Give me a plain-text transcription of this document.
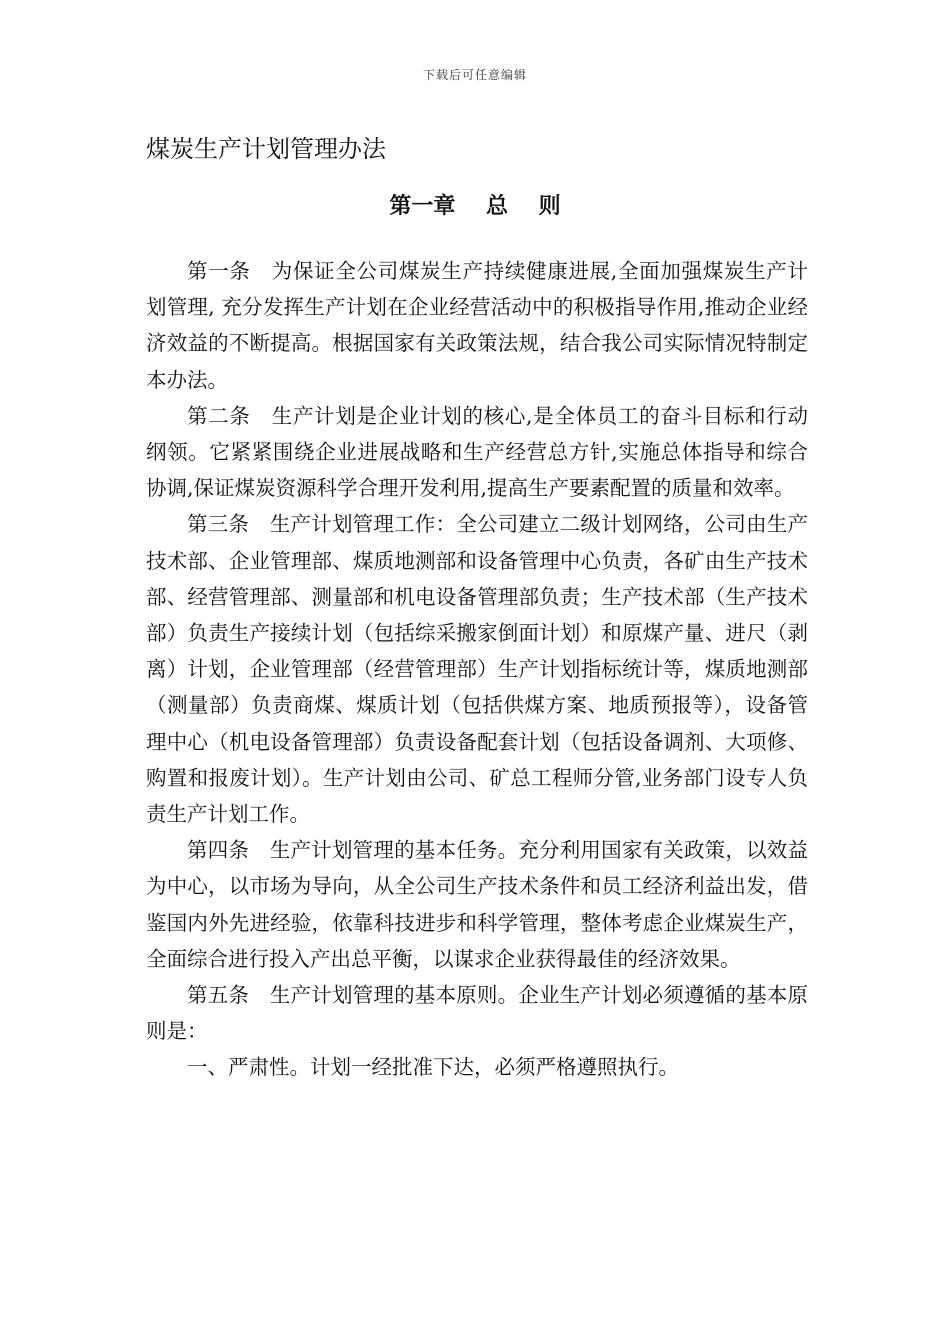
下载后可任意编辑
煤炭生产计划管理办法
第一章    总    则

第一条　为保证全公司煤炭生产持续健康进展,全面加强煤炭生产计划管理, 充分发挥生产计划在企业经营活动中的积极指导作用,推动企业经济效益的不断提高。根据国家有关政策法规，结合我公司实际情况特制定本办法。

第二条　生产计划是企业计划的核心,是全体员工的奋斗目标和行动纲领。它紧紧围绕企业进展战略和生产经营总方针,实施总体指导和综合协调,保证煤炭资源科学合理开发利用,提高生产要素配置的质量和效率。

第三条　生产计划管理工作：全公司建立二级计划网络，公司由生产技术部、企业管理部、煤质地测部和设备管理中心负责，各矿由生产技术部、经营管理部、测量部和机电设备管理部负责；生产技术部（生产技术部）负责生产接续计划（包括综采搬家倒面计划）和原煤产量、进尺（剥离）计划，企业管理部（经营管理部）生产计划指标统计等，煤质地测部（测量部）负责商煤、煤质计划（包括供煤方案、地质预报等），设备管理中心（机电设备管理部）负责设备配套计划（包括设备调剂、大项修、购置和报废计划）。生产计划由公司、矿总工程师分管,业务部门设专人负责生产计划工作。

第四条　生产计划管理的基本任务。充分利用国家有关政策，以效益为中心，以市场为导向，从全公司生产技术条件和员工经济利益出发，借鉴国内外先进经验，依靠科技进步和科学管理，整体考虑企业煤炭生产，全面综合进行投入产出总平衡，以谋求企业获得最佳的经济效果。

第五条　生产计划管理的基本原则。企业生产计划必须遵循的基本原则是：

一、严肃性。计划一经批准下达，必须严格遵照执行。
